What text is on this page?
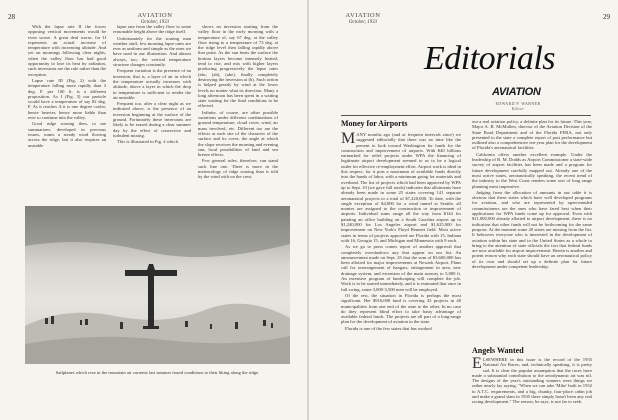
28	AVIATION
October, 1933

With the lapse rate II the forces opposing vertical movements would be even worse. A great deal worse, for II represents an actual increase of temperature with increasing altitude. And yet on mornings following clear nights, when the valley floor has had good opportunity to lose its heat by radiation, such inversions are the rule rather than the exception.

Lapse rate III (Fig. 2) with the temperature falling more rapidly than 3 deg. F. per 100 ft. is a different proposition. As I (Fig. 3) our particle would have a temperature of say 82 deg. F. As it reaches A it is one degree cooler, hence heavier, hence more liable than ever to continue into the valley.

Good ridge soaring then, to me summarizes: developed in previous issues, wants a steady wind flowing across the ridge, but it also requires an unstable

lapse rate from the valley floor to some reasonable height above the ridge itself.

Unfortunately for the soaring man weather stuff, few morning lapse rates are ever as uniform and simple as the ones we have used in our illustration. And almost always, too, the vertical temperature structure changes constantly.

Frequent variation is the presence of an inversion, that is, a layer of air in which the temperature actually increases with altitude, above a layer in which the drop in temperature is sufficient to render the air unstable.

Frequent too, after a clear night as we indicated above, is the presence of an inversion beginning at the surface of the ground. Fortunately these inversions are likely to be erased during a clear summer day by the effect of convective and turbulent mixing.

This is illustrated in Fig. 4 which

shows an inversion starting from the valley floor in the early morning with a temperature of, say 67 deg. at the valley floor rising to a temperature of 73 deg. at the ridge level then falling rapidly above that point. As the sun heats the surface the bottom layers become intensely heated, tend to rise, and mix with higher layers producing progressively the lapse rates (abc, (ab), (abe), finally completely destroying the inversion at (b). Such action is helped greatly by wind at the lower levels no matter what its direction. Many a long afternoon has been spent in a waiting state waiting for the final conditions to be effected.

Infinite, of course, are other possible variations under different combinations of ground temperature, cloud cover, wind, air mass involved, etc. Different too are the effects at each site of the character of the surface and its cover, the angle at which the slope receives the morning and evening sun, local possibilities of land and sea breeze effects.

Few general rules, therefore, can stand such fine one. There is more in the meteorology of ridge soaring than is told by the wind with on the crest.

Sailplanes which rose in the mountain air currents last summer found conditions to their liking along the ridge.
AVIATION
October, 1933
29
Editorials
AVIATION
EDWARD P. WARNER
Editor
Money for Airports

MANY months ago (and at frequent intervals since) we suggested editorially that there was no time like the present to look toward Washington for funds for the construction and improvement of airports. With $40 billions earmarked for relief projects under WPA the financing of legitimate airport development seemed to us to be a logical outlet for effective re-employment effort. Airport work is ideal in this respect, for it puts a maximum of available funds directly into the hands of labor, with a minimum going for materials and overhead. The list of projects which had been approved by WPA up to Sept. 10 (we gave full totals) indicates that allotments have already been made in some 25 states covering 141 separate aeronautical projects to a total of $7,220,000. To date, with the single exception of $4,000 for a wind tunnel at Seattle, all monies are assigned to the construction or improvement of airports. Individual sums range all the way from $144 for painting an office building on a South Carolina airport up to $1,240,000 for Los Angeles airport and $1,625,000 for improvement on New York's Floyd Bennett field. Most active states in terms of projects approved are Florida with 15, Indiana with 16, Georgia 15, and Michigan and Minnesota with 9 each.

As we go to press comes report of another approval that completely overshadows any that appear on our list. An announcement made on Sept. 25 that the sum of $3,600,000 has been allotted for major improvements at Newark Airport. Plans call for rearrangement of hangars, enlargement in area, new drainage system, and extension of the main runway to 5,000 ft. An extensive program of landscaping will complete the job. Work is to be started immediately, and it is estimated that once in full swing, some 3,000-3,500 men will be employed.

Of the rest, the situation in Florida is perhaps the most significant. Her $916,000 fund is covering 43 projects in 40 municipalities from one end of the state to the other. In no case do they represent blind effort to take hasty advantage of available federal funds. The projects are all part of a long-range plan for the development of aviation in the state.

Florida is one of the few states that has worked

out a real aviation policy, a definite plan for its future. This year, Major A. B. McMullen, director of the Aviation Division of the State Road Department and of the Florida FERA, not only presented to the state a complete report of past performance but outlined also a comprehensive ten-year plan for the development of Florida's aeronautical facilities.

California offers another excellent example. Under the leadership of R. M. Dodds as Airport Commissioner a state-wide survey of airport facilities has been made and a program for future development carefully mapped out. Already one of the most active states, aeronautically speaking, the recent trend of the industry to the West Coast renders some sort of long range planning most imperative.

Judging from the allocation of amounts in our table it is obvious that these states which have well developed programs for aviation, and who are represented by open-minded commissioners are the ones who have fared best when their applications for WPA funds come up for approval. Even with $11,000,000 already allotted to airport development, there is no indication that other funds will not be forthcoming for the same purpose. At the moment some 20 states are missing from the list. It behooves everyone who is interested in the development of aviation within his state and in the United States as a whole to bring to the attention of state officials the fact that federal funds are now available for airport improvement. Herein is another and potent reason why each state should have an aeronautical policy of its own and should set up a definite plan for future development under competent leadership.

Angels Wanted

ELSEWHERE in this issue is the record of the 1935 National Air Races, and, technically speaking, it is pretty sad. It is clear the popular assumption that the races have made a substantial contribution to the aerodynamic art was nil. The designs of the year's outstanding winners were things we rather nearly lay saying, "When we can take 'Mike' built in 1932 to A.T.C. requirements, and a big, chunky, four-place cabin job and make a grand slam in 1935 there simply hasn't been any real racing development." The reason, he says, is not far to seek.
